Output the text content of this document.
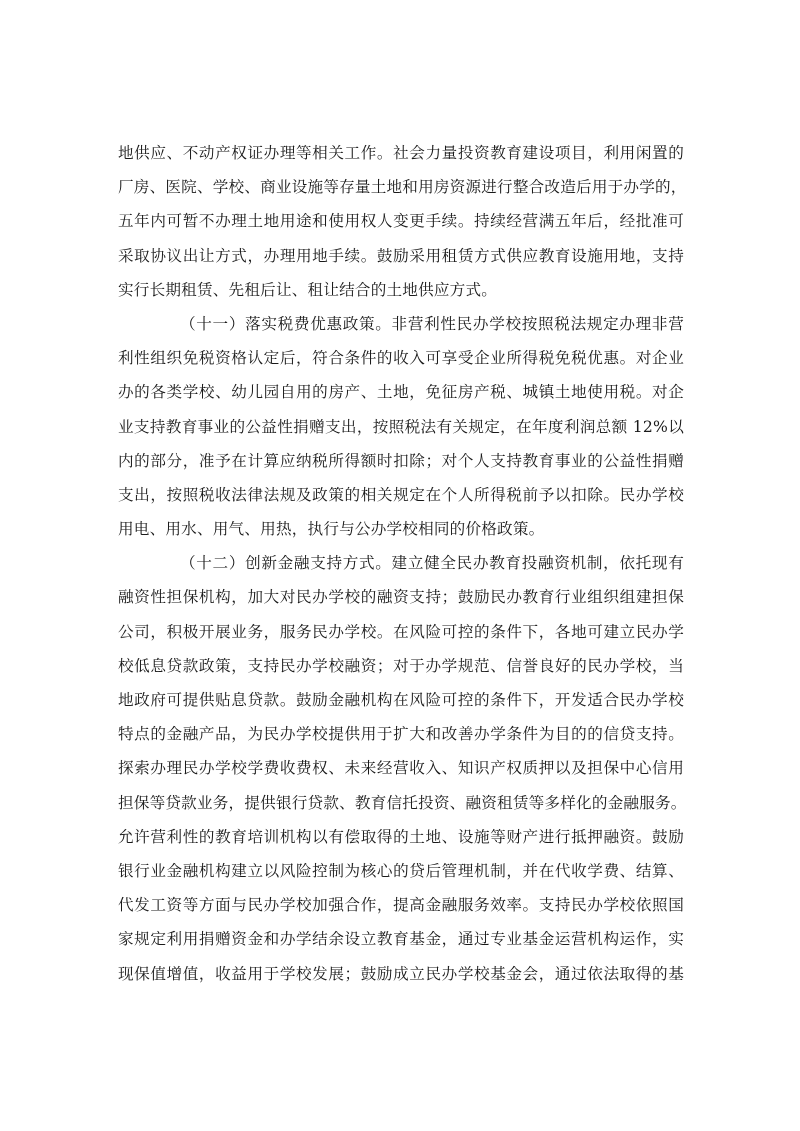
地供应、不动产权证办理等相关工作。社会力量投资教育建设项目，利用闲置的
厂房、医院、学校、商业设施等存量土地和用房资源进行整合改造后用于办学的，
五年内可暂不办理土地用途和使用权人变更手续。持续经营满五年后，经批准可
采取协议出让方式，办理用地手续。鼓励采用租赁方式供应教育设施用地，支持
实行长期租赁、先租后让、租让结合的土地供应方式。
（十一）落实税费优惠政策。非营利性民办学校按照税法规定办理非营
利性组织免税资格认定后，符合条件的收入可享受企业所得税免税优惠。对企业
办的各类学校、幼儿园自用的房产、土地，免征房产税、城镇土地使用税。对企
业支持教育事业的公益性捐赠支出，按照税法有关规定，在年度利润总额 12%以
内的部分，准予在计算应纳税所得额时扣除；对个人支持教育事业的公益性捐赠
支出，按照税收法律法规及政策的相关规定在个人所得税前予以扣除。民办学校
用电、用水、用气、用热，执行与公办学校相同的价格政策。
（十二）创新金融支持方式。建立健全民办教育投融资机制，依托现有
融资性担保机构，加大对民办学校的融资支持；鼓励民办教育行业组织组建担保
公司，积极开展业务，服务民办学校。在风险可控的条件下，各地可建立民办学
校低息贷款政策，支持民办学校融资；对于办学规范、信誉良好的民办学校，当
地政府可提供贴息贷款。鼓励金融机构在风险可控的条件下，开发适合民办学校
特点的金融产品，为民办学校提供用于扩大和改善办学条件为目的的信贷支持。
探索办理民办学校学费收费权、未来经营收入、知识产权质押以及担保中心信用
担保等贷款业务，提供银行贷款、教育信托投资、融资租赁等多样化的金融服务。
允许营利性的教育培训机构以有偿取得的土地、设施等财产进行抵押融资。鼓励
银行业金融机构建立以风险控制为核心的贷后管理机制，并在代收学费、结算、
代发工资等方面与民办学校加强合作，提高金融服务效率。支持民办学校依照国
家规定利用捐赠资金和办学结余设立教育基金，通过专业基金运营机构运作，实
现保值增值，收益用于学校发展；鼓励成立民办学校基金会，通过依法取得的基
